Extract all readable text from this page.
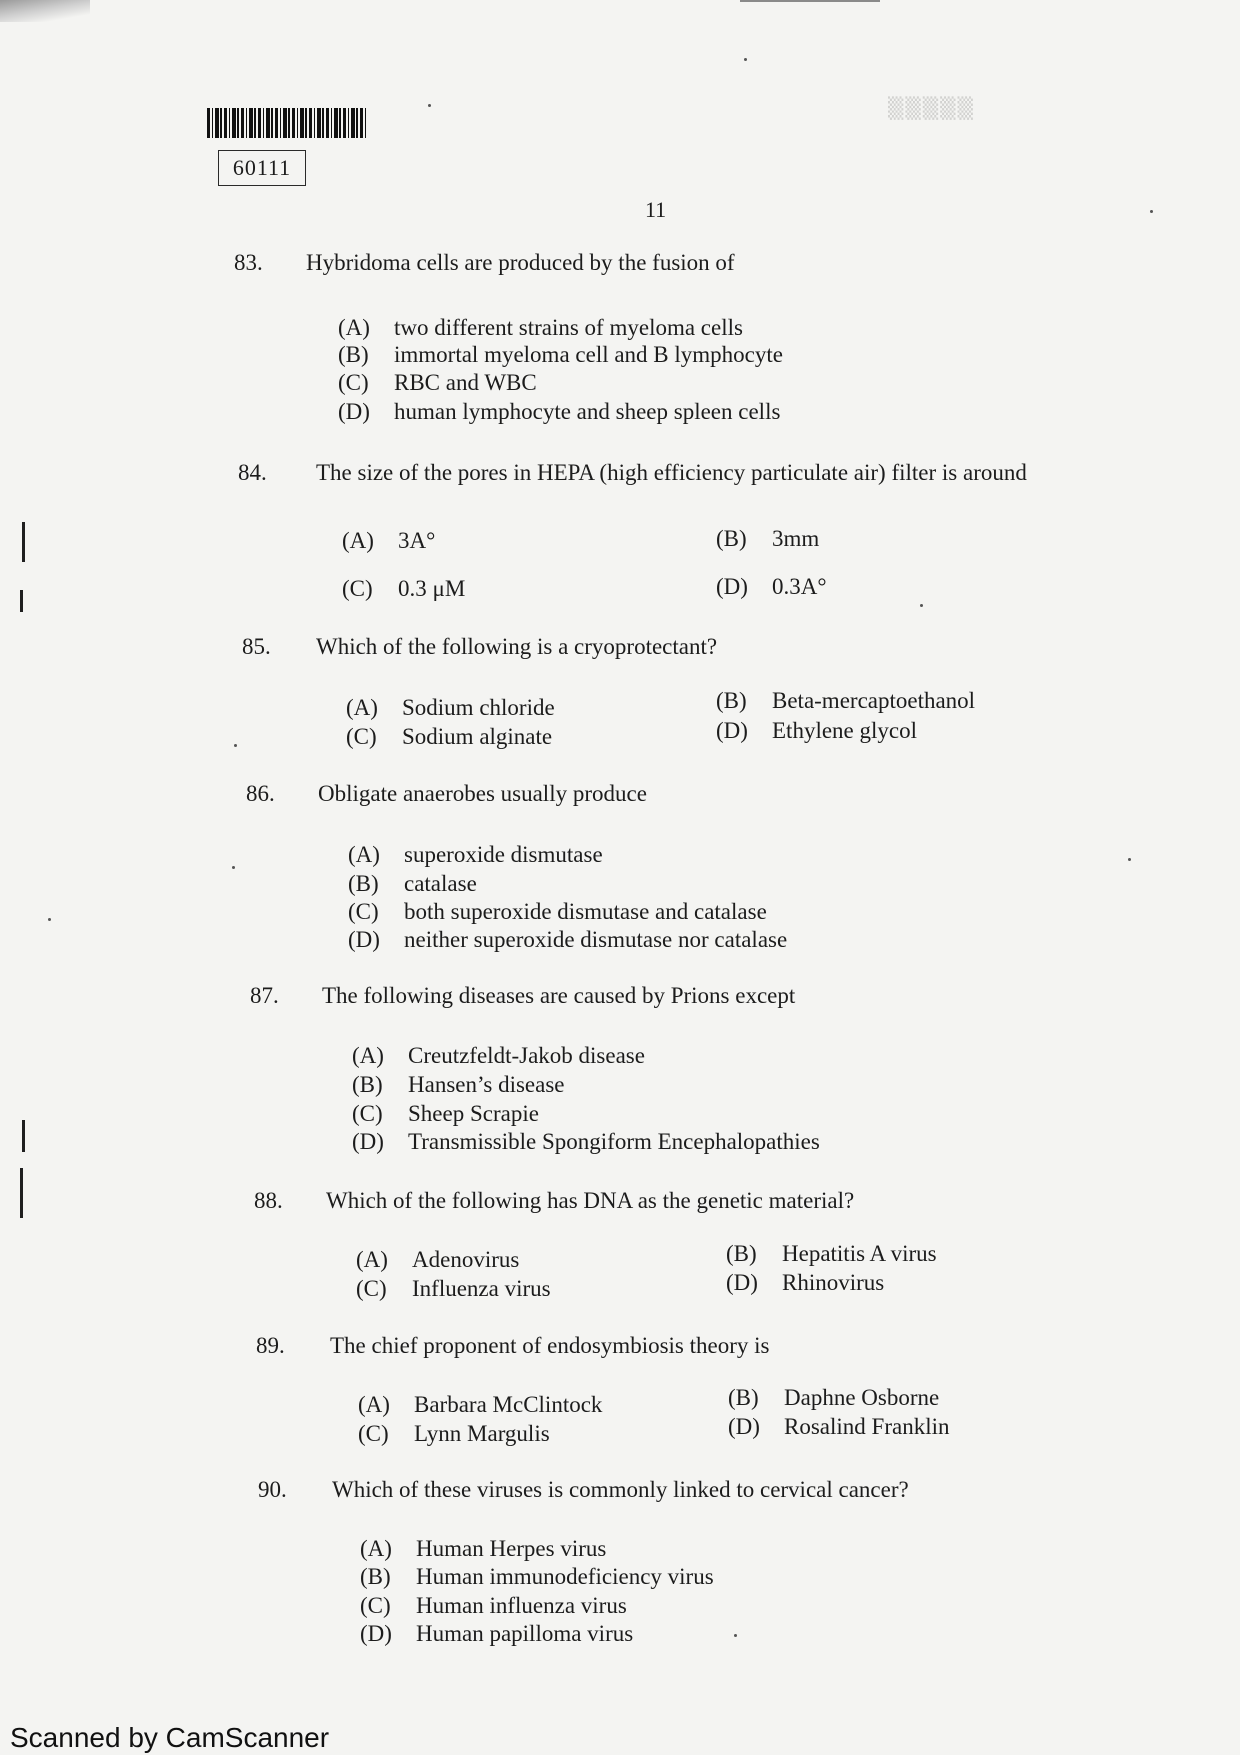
60111
▒▒▒▒▒
11
83. Hybridoma cells are produced by the fusion of
(A) two different strains of myeloma cells
(B) immortal myeloma cell and B lymphocyte
(C) RBC and WBC
(D) human lymphocyte and sheep spleen cells
84. The size of the pores in HEPA (high efficiency particulate air) filter is around
(A) 3A°	(B) 3mm
(C) 0.3 μM	(D) 0.3A°
85. Which of the following is a cryoprotectant?
(A) Sodium chloride	(B) Beta-mercaptoethanol
(C) Sodium alginate	(D) Ethylene glycol
86. Obligate anaerobes usually produce
(A) superoxide dismutase
(B) catalase
(C) both superoxide dismutase and catalase
(D) neither superoxide dismutase nor catalase
87. The following diseases are caused by Prions except
(A) Creutzfeldt-Jakob disease
(B) Hansen’s disease
(C) Sheep Scrapie
(D) Transmissible Spongiform Encephalopathies
88. Which of the following has DNA as the genetic material?
(A) Adenovirus	(B) Hepatitis A virus
(C) Influenza virus	(D) Rhinovirus
89. The chief proponent of endosymbiosis theory is
(A) Barbara McClintock	(B) Daphne Osborne
(C) Lynn Margulis	(D) Rosalind Franklin
90. Which of these viruses is commonly linked to cervical cancer?
(A) Human Herpes virus
(B) Human immunodeficiency virus
(C) Human influenza virus
(D) Human papilloma virus
Scanned by CamScanner
